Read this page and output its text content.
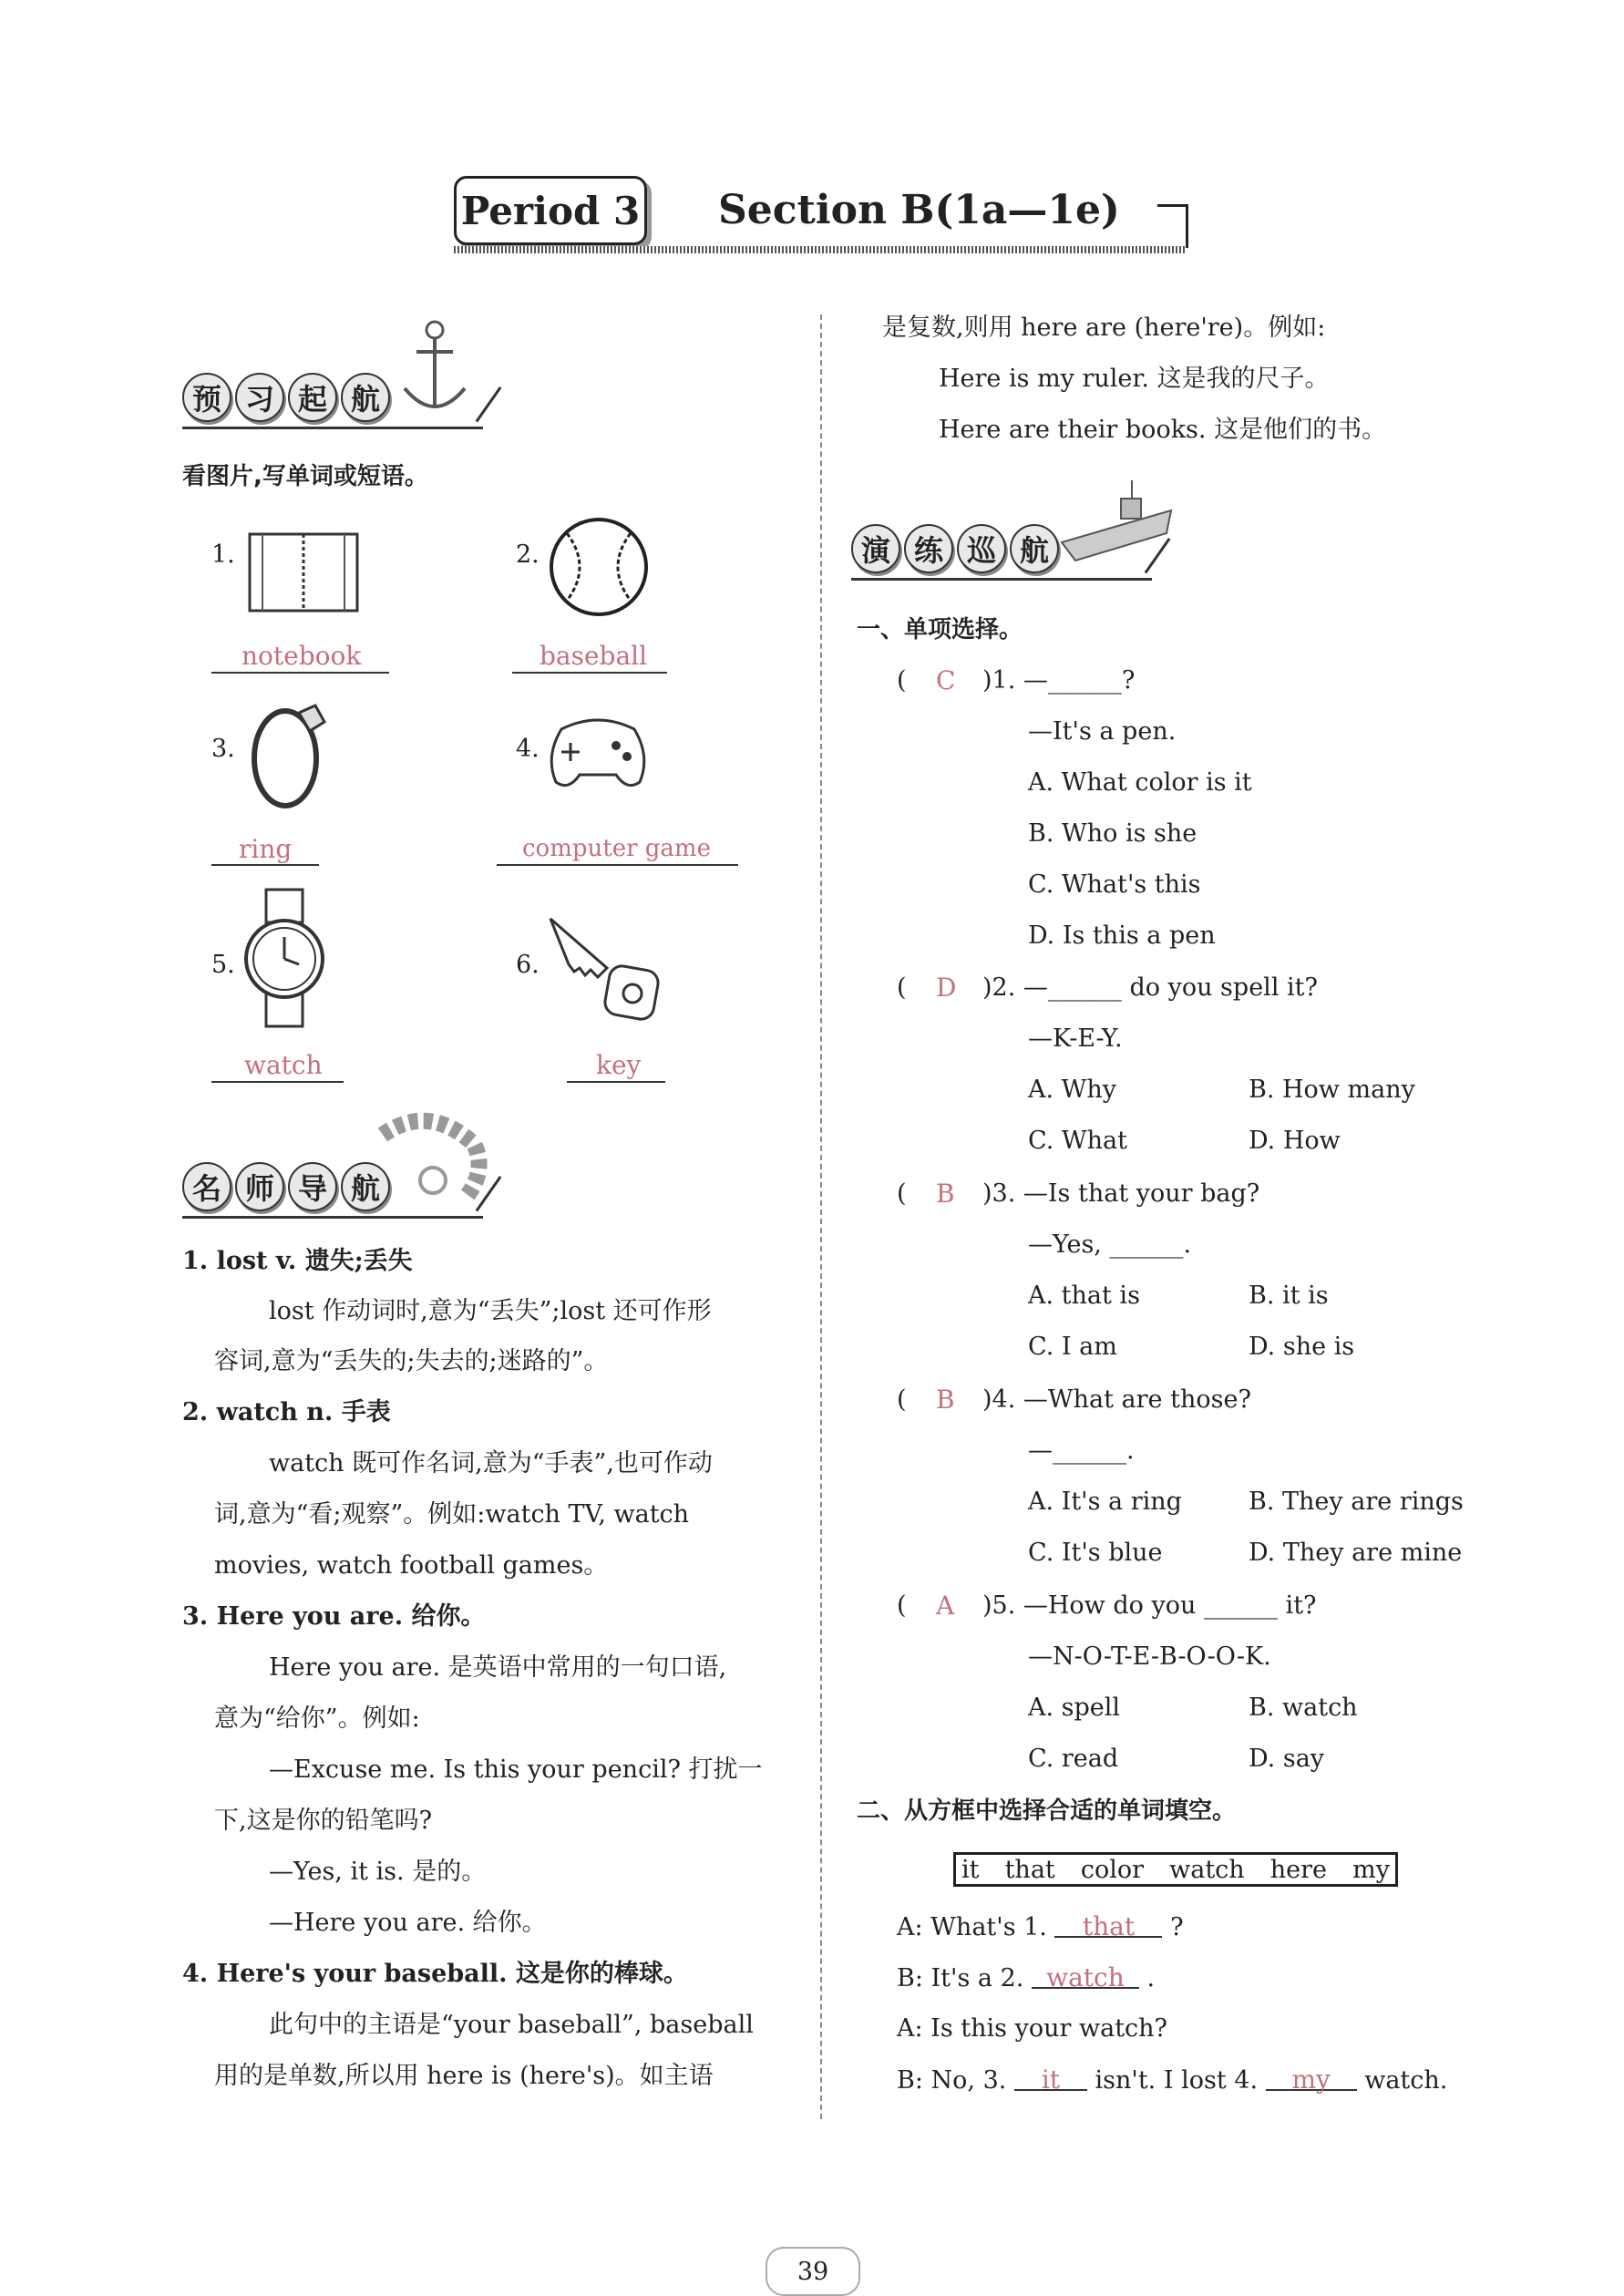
Period 3 Section B(1a—1e)
预 习 起 航
看图片,写单词或短语。
1.
notebook
2.
baseball
3.
ring
4.
computer game
5.
watch
6.
key
名 师 导 航
1. lost v. 遗失;丢失
lost 作动词时,意为“丢失”;lost 还可作形
容词,意为“丢失的;失去的;迷路的”。
2. watch n. 手表
watch 既可作名词,意为“手表”,也可作动
词,意为“看;观察”。例如:watch TV, watch
movies, watch football games。
3. Here you are. 给你。
Here you are. 是英语中常用的一句口语,
意为“给你”。例如:
—Excuse me. Is this your pencil? 打扰一
下,这是你的铅笔吗?
—Yes, it is. 是的。
—Here you are. 给你。
4. Here's your baseball. 这是你的棒球。
此句中的主语是“your baseball”, baseball
用的是单数,所以用 here is (here's)。如主语
是复数,则用 here are (here're)。例如:
Here is my ruler. 这是我的尺子。
Here are their books. 这是他们的书。
演 练 巡 航
一、单项选择。
( C )1. —______?
—It's a pen.
A. What color is it
B. Who is she
C. What's this
D. Is this a pen
( D )2. —______ do you spell it?
—K-E-Y.
A. Why	B. How many
C. What	D. How
( B )3. —Is that your bag?
—Yes, ______.
A. that is	B. it is
C. I am	D. she is
( B )4. —What are those?
—______.
A. It's a ring	B. They are rings
C. It's blue	D. They are mine
( A )5. —How do you ______ it?
—N-O-T-E-B-O-O-K.
A. spell	B. watch
C. read	D. say
二、从方框中选择合适的单词填空。
it that color watch here my
A: What's 1. that ?
B: It's a 2. watch .
A: Is this your watch?
B: No, 3. it isn't. I lost 4. my watch.
39
